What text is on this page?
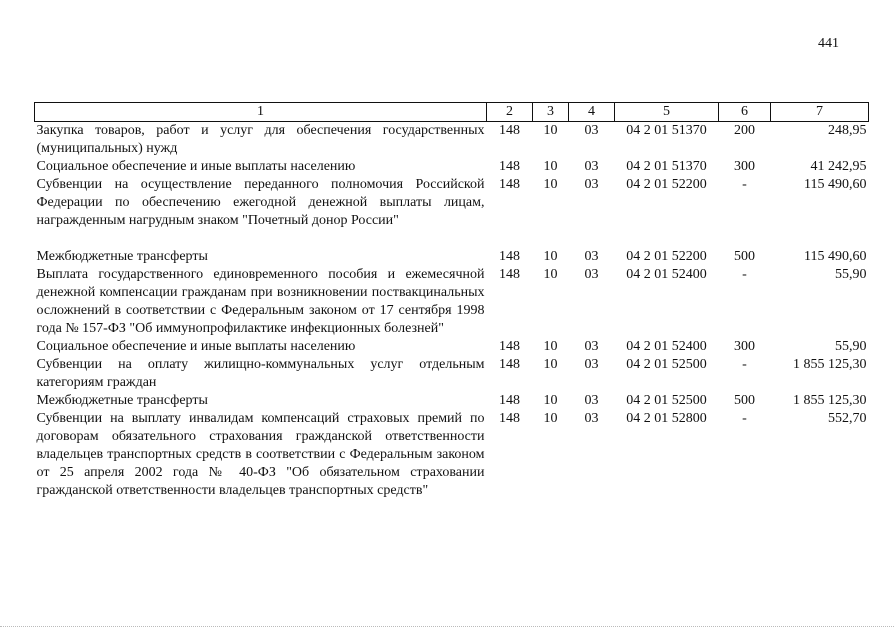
441
1	2	3	4	5	6	7
Закупка товаров, работ и услуг для обеспечения государственных (муниципальных) нужд	148	10	03	04 2 01 51370	200	248,95
Социальное обеспечение и иные выплаты населению	148	10	03	04 2 01 51370	300	41 242,95
Субвенции на осуществление переданного полномочия Российской Федерации по обеспечению ежегодной денежной выплаты лицам, награжденным нагрудным знаком "Почетный донор России"	148	10	03	04 2 01 52200	-	115 490,60

Межбюджетные трансферты	148	10	03	04 2 01 52200	500	115 490,60
Выплата государственного единовременного пособия и ежемесячной денежной компенсации гражданам при возникновении поствакцинальных осложнений в соответствии с Федеральным законом от 17 сентября 1998 года № 157-ФЗ "Об иммунопрофилактике инфекционных болезней"	148	10	03	04 2 01 52400	-	55,90
Социальное обеспечение и иные выплаты населению	148	10	03	04 2 01 52400	300	55,90
Субвенции на оплату жилищно-коммунальных услуг отдельным категориям граждан	148	10	03	04 2 01 52500	-	1 855 125,30
Межбюджетные трансферты	148	10	03	04 2 01 52500	500	1 855 125,30
Субвенции на выплату инвалидам компенсаций страховых премий по договорам обязательного страхования гражданской ответственности владельцев транспортных средств в соответствии с Федеральным законом от 25 апреля 2002 года № 40-ФЗ "Об обязательном страховании гражданской ответственности владельцев транспортных средств"	148	10	03	04 2 01 52800	-	552,70
